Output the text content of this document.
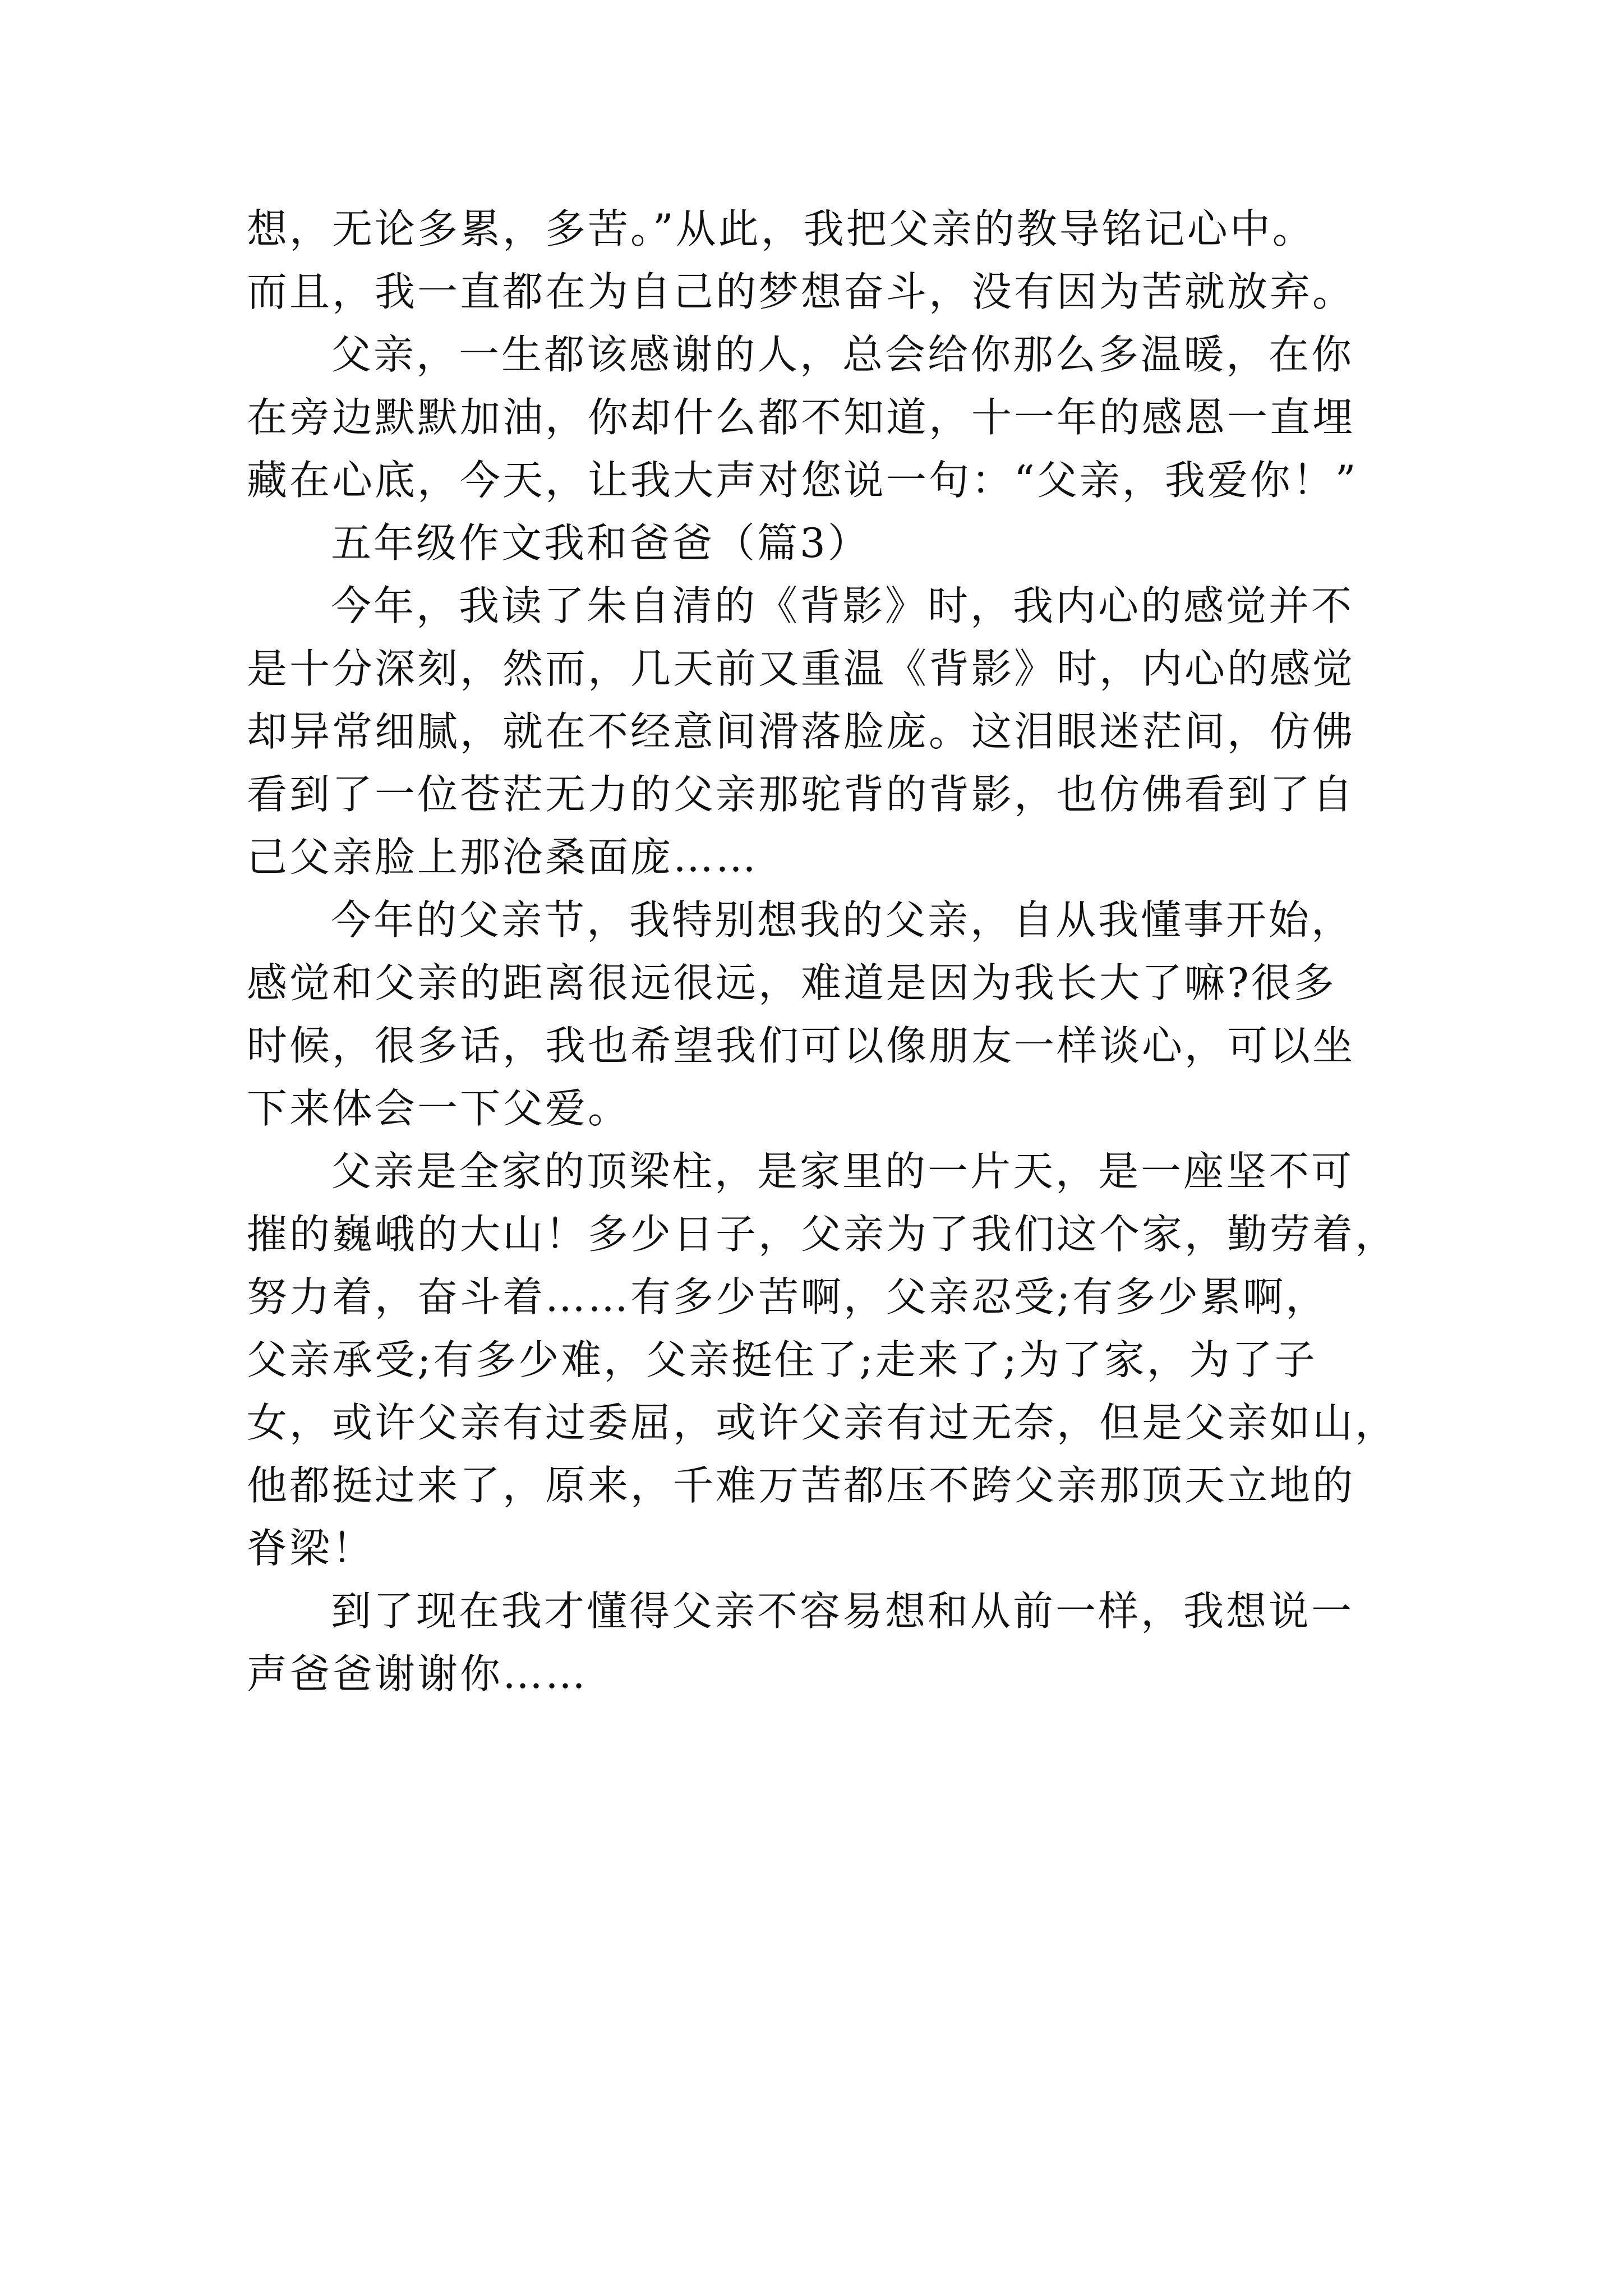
想，无论多累，多苦。”从此，我把父亲的教导铭记心中。

而且，我一直都在为自己的梦想奋斗，没有因为苦就放弃。

父亲，一生都该感谢的人，总会给你那么多温暖，在你

在旁边默默加油，你却什么都不知道，十一年的感恩一直埋

藏在心底，今天，让我大声对您说一句：“父亲，我爱你！”

五年级作文我和爸爸（篇3）

今年，我读了朱自清的《背影》时，我内心的感觉并不

是十分深刻，然而，几天前又重温《背影》时，内心的感觉

却异常细腻，就在不经意间滑落脸庞。这泪眼迷茫间，仿佛

看到了一位苍茫无力的父亲那驼背的背影，也仿佛看到了自

己父亲脸上那沧桑面庞……

今年的父亲节，我特别想我的父亲，自从我懂事开始，

感觉和父亲的距离很远很远，难道是因为我长大了嘛?很多

时候，很多话，我也希望我们可以像朋友一样谈心，可以坐

下来体会一下父爱。

父亲是全家的顶梁柱，是家里的一片天，是一座坚不可

摧的巍峨的大山！多少日子，父亲为了我们这个家，勤劳着，

努力着，奋斗着……有多少苦啊，父亲忍受;有多少累啊，

父亲承受;有多少难，父亲挺住了;走来了;为了家，为了子

女，或许父亲有过委屈，或许父亲有过无奈，但是父亲如山，

他都挺过来了，原来，千难万苦都压不跨父亲那顶天立地的

脊梁！

到了现在我才懂得父亲不容易想和从前一样，我想说一

声爸爸谢谢你……
